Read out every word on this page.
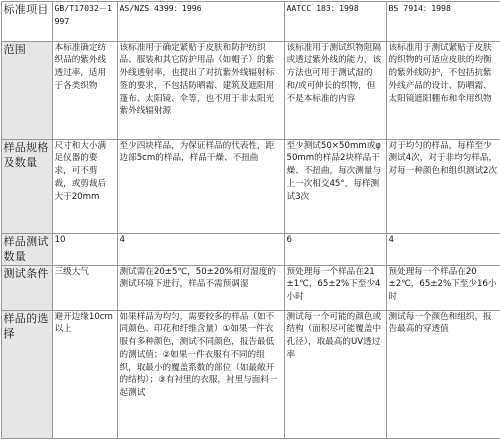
标准项目	GB/T17032－1997	AS/NZS 4399：1996	AATCC 183：1998	BS 7914：1998
范围	本标准确定纺织品的紫外线透过率，适用于各类织物	该标准用于确定紧贴于皮肤和防护纺织品、服装和其它防护用品（如帽子）的紫外线透射率，也提出了对抗紫外线辐射标签的要求，不包括防晒霜、建筑及遮阳用篷布、太阳镜、伞等，也不用于非太阳光紫外线辐射源	该标准用于测试织物阻隔或透过紫外线的能力，该方法也可用于测试湿的和/或可伸长的织物，但不是本标准的内容	该标准用于测试紧贴于皮肤的织物的可适应皮肤的均衡的紫外线防护，不包括抗紫外线产品的设计、防晒霜、太阳镜遮阳棚布和伞用织物
样品规格及数量	尺寸和大小满足仪器的要求，可不剪裁，或剪裁后大于20mm	至少四块样品，为保证样品的代表性，距边部5cm的样品，样品干燥、不扭曲	至少测试50×50mm或φ50mm的样品2块样品干燥、不扭曲，每次测量与上一次相交45°，每样测试3次	对于均匀的样品，每样至少测试4次，对于非均匀样品，对每一种颜色和组织测试2次
样品测试数量	10	4	6	4
测试条件	三级大气	测试需在20±5℃，50±20%相对湿度的测试环境下进行，样品不需预调湿	预处理每一个样品在21±1℃，65±2%下至少4小时	预处理每一个样品在20±2℃，65±2%下至少16小时
样品的选择	避开边缘10cm以上	如果样品为均匀，需要较多的样品（如不同颜色、印花和纤维含量）①如果一件衣服有多种颜色，测试不同颜色，报告最低的测试值；②如果一件衣服有不同的组织，取最小的覆盖系数的部位（如最敞开的结构）；③有衬里的衣服，衬里与面料一起测试	测试每一个可能的颜色或结构（面积尽可能覆盖中孔径），取最高的UV透过率	测试每一个颜色和组织，报告最高的穿透值
